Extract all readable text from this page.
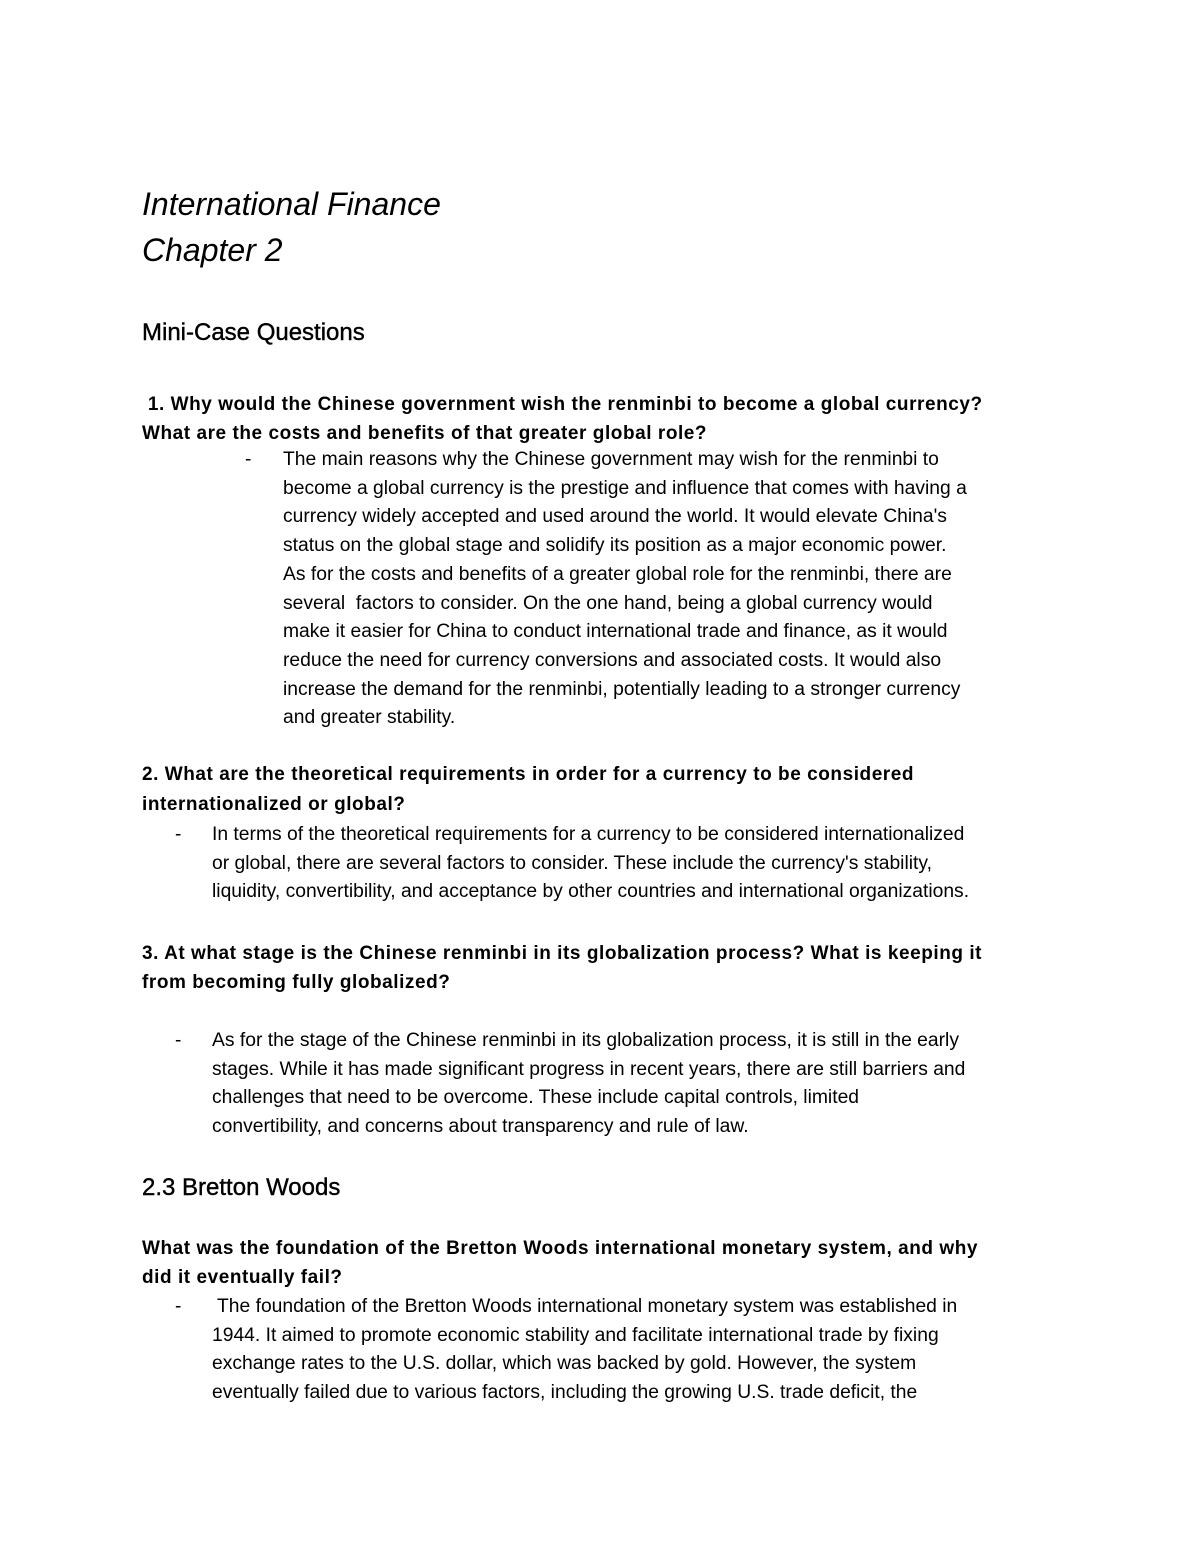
International Finance
Chapter 2
Mini-Case Questions
1. Why would the Chinese government wish the renminbi to become a global currency?
What are the costs and benefits of that greater global role?
- The main reasons why the Chinese government may wish for the renminbi to
become a global currency is the prestige and influence that comes with having a
currency widely accepted and used around the world. It would elevate China's
status on the global stage and solidify its position as a major economic power.
As for the costs and benefits of a greater global role for the renminbi, there are
several  factors to consider. On the one hand, being a global currency would
make it easier for China to conduct international trade and finance, as it would
reduce the need for currency conversions and associated costs. It would also
increase the demand for the renminbi, potentially leading to a stronger currency
and greater stability.
2. What are the theoretical requirements in order for a currency to be considered
internationalized or global?
- In terms of the theoretical requirements for a currency to be considered internationalized
or global, there are several factors to consider. These include the currency's stability,
liquidity, convertibility, and acceptance by other countries and international organizations.
3. At what stage is the Chinese renminbi in its globalization process? What is keeping it
from becoming fully globalized?
- As for the stage of the Chinese renminbi in its globalization process, it is still in the early
stages. While it has made significant progress in recent years, there are still barriers and
challenges that need to be overcome. These include capital controls, limited
convertibility, and concerns about transparency and rule of law.
2.3 Bretton Woods
What was the foundation of the Bretton Woods international monetary system, and why
did it eventually fail?
- The foundation of the Bretton Woods international monetary system was established in
1944. It aimed to promote economic stability and facilitate international trade by fixing
exchange rates to the U.S. dollar, which was backed by gold. However, the system
eventually failed due to various factors, including the growing U.S. trade deficit, the
